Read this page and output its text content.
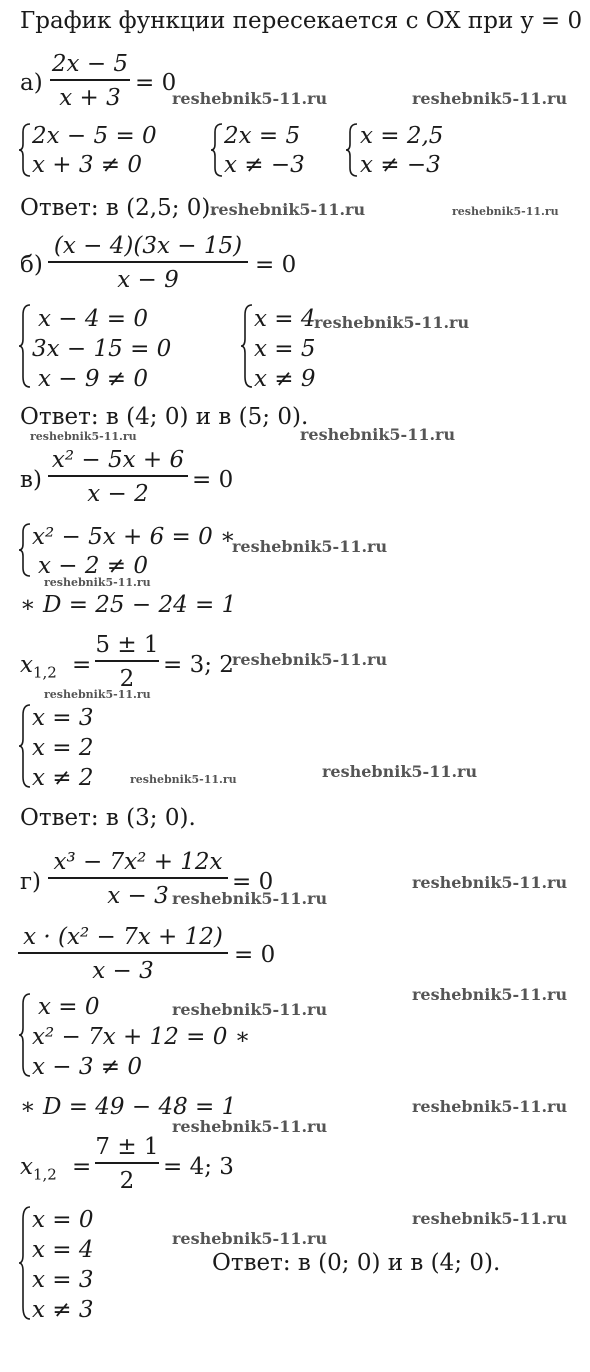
График функции пересекается с OX при y = 0
а)
2x − 5
x + 3
= 0
2x − 5 = 0
x + 3 ≠ 0
2x = 5
x ≠ −3
x = 2,5
x ≠ −3
Ответ: в (2,5; 0).
б)
(x − 4)(3x − 15)
x − 9
= 0
x − 4 = 0
3x − 15 = 0
x − 9 ≠ 0
x = 4
x = 5
x ≠ 9
Ответ: в (4; 0) и в (5; 0).
в)
x² − 5x + 6
x − 2
= 0
x² − 5x + 6 = 0 ∗
x − 2 ≠ 0
∗ D = 25 − 24 = 1
$x_{1,2}$ =
5 ± 1
2
= 3; 2
x = 3
x = 2
x ≠ 2
Ответ: в (3; 0).
г)
x³ − 7x² + 12x
x − 3
= 0
x · (x² − 7x + 12)
x − 3
= 0
x = 0
x² − 7x + 12 = 0 ∗
x − 3 ≠ 0
∗ D = 49 − 48 = 1
$x_{1,2}$ =
7 ± 1
2
= 4; 3
x = 0
x = 4
x = 3
x ≠ 3
Ответ: в (0; 0) и в (4; 0).
reshebnik5-11.ru	reshebnik5-11.ru
reshebnik5-11.ru	reshebnik5-11.ru
reshebnik5-11.ru
reshebnik5-11.ru	reshebnik5-11.ru
reshebnik5-11.ru
reshebnik5-11.ru
reshebnik5-11.ru
reshebnik5-11.ru
reshebnik5-11.ru	reshebnik5-11.ru
reshebnik5-11.ru
reshebnik5-11.ru
reshebnik5-11.ru
reshebnik5-11.ru
reshebnik5-11.ru
reshebnik5-11.ru
reshebnik5-11.ru
reshebnik5-11.ru
